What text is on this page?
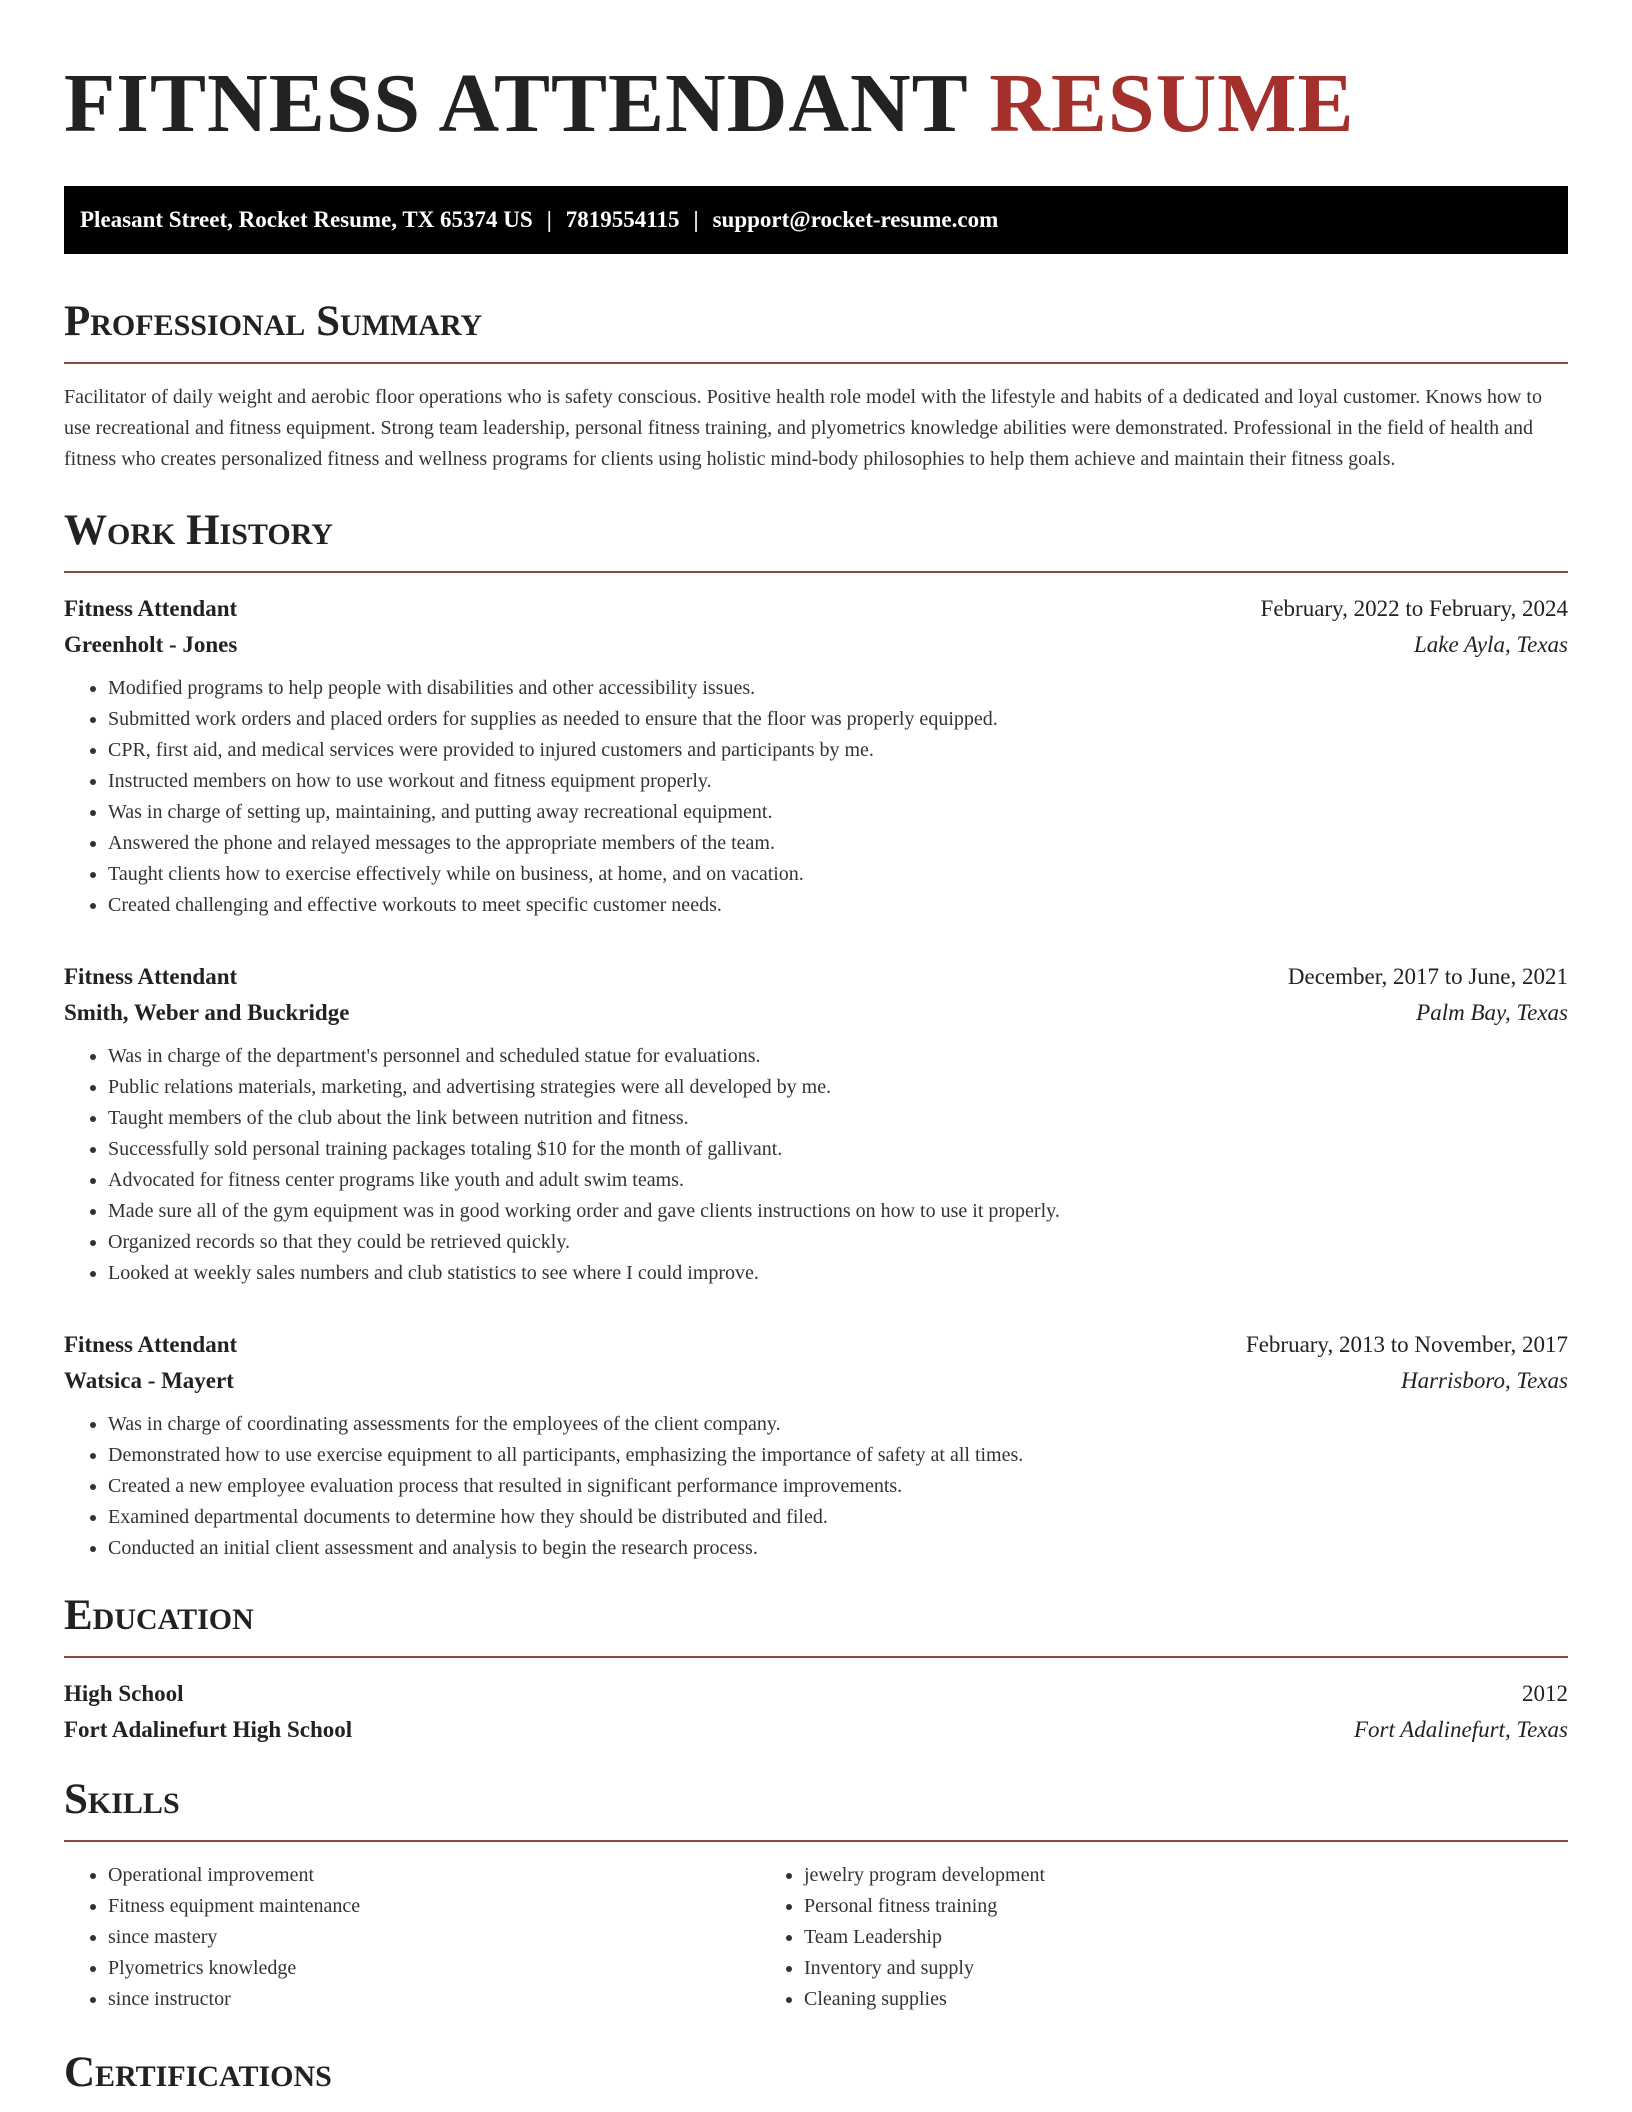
FITNESS ATTENDANT RESUME
Pleasant Street, Rocket Resume, TX 65374 US | 7819554115 | support@rocket-resume.com
Professional Summary

Facilitator of daily weight and aerobic floor operations who is safety conscious. Positive health role model with the lifestyle and habits of a dedicated and loyal customer. Knows how to use recreational and fitness equipment. Strong team leadership, personal fitness training, and plyometrics knowledge abilities were demonstrated. Professional in the field of health and fitness who creates personalized fitness and wellness programs for clients using holistic mind-body philosophies to help them achieve and maintain their fitness goals.

Work History
Fitness Attendant	February, 2022 to February, 2024
Greenholt - Jones	Lake Ayla, Texas
• Modified programs to help people with disabilities and other accessibility issues.
• Submitted work orders and placed orders for supplies as needed to ensure that the floor was properly equipped.
• CPR, first aid, and medical services were provided to injured customers and participants by me.
• Instructed members on how to use workout and fitness equipment properly.
• Was in charge of setting up, maintaining, and putting away recreational equipment.
• Answered the phone and relayed messages to the appropriate members of the team.
• Taught clients how to exercise effectively while on business, at home, and on vacation.
• Created challenging and effective workouts to meet specific customer needs.
Fitness Attendant	December, 2017 to June, 2021
Smith, Weber and Buckridge	Palm Bay, Texas
• Was in charge of the department's personnel and scheduled statue for evaluations.
• Public relations materials, marketing, and advertising strategies were all developed by me.
• Taught members of the club about the link between nutrition and fitness.
• Successfully sold personal training packages totaling $10 for the month of gallivant.
• Advocated for fitness center programs like youth and adult swim teams.
• Made sure all of the gym equipment was in good working order and gave clients instructions on how to use it properly.
• Organized records so that they could be retrieved quickly.
• Looked at weekly sales numbers and club statistics to see where I could improve.
Fitness Attendant	February, 2013 to November, 2017
Watsica - Mayert	Harrisboro, Texas
• Was in charge of coordinating assessments for the employees of the client company.
• Demonstrated how to use exercise equipment to all participants, emphasizing the importance of safety at all times.
• Created a new employee evaluation process that resulted in significant performance improvements.
• Examined departmental documents to determine how they should be distributed and filed.
• Conducted an initial client assessment and analysis to begin the research process.
Education
High School	2012
Fort Adalinefurt High School	Fort Adalinefurt, Texas
Skills
• Operational improvement
• Fitness equipment maintenance
• since mastery
• Plyometrics knowledge
• since instructor
• jewelry program development
• Personal fitness training
• Team Leadership
• Inventory and supply
• Cleaning supplies
Certifications
